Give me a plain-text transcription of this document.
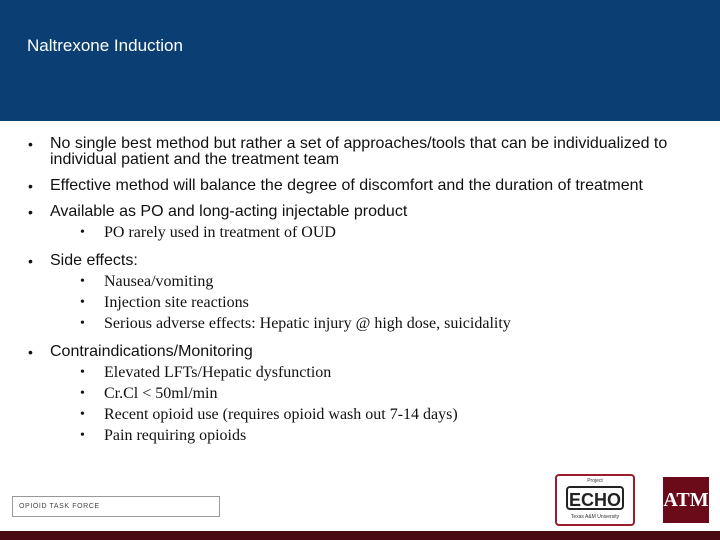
Naltrexone Induction
• No single best method but rather a set of approaches/tools that can be individualized to individual patient and the treatment team
• Effective method will balance the degree of discomfort and the duration of treatment
• Available as PO and long-acting injectable product
• PO rarely used in treatment of OUD
• Side effects:
• Nausea/vomiting
• Injection site reactions
• Serious adverse effects: Hepatic injury @ high dose, suicidality
• Contraindications/Monitoring
• Elevated LFTs/Hepatic dysfunction
• Cr.Cl < 50ml/min
• Recent opioid use (requires opioid wash out 7-14 days)
• Pain requiring opioids
OPIOID TASK FORCE
Project
ECHO
Texas A&M University
ATM
